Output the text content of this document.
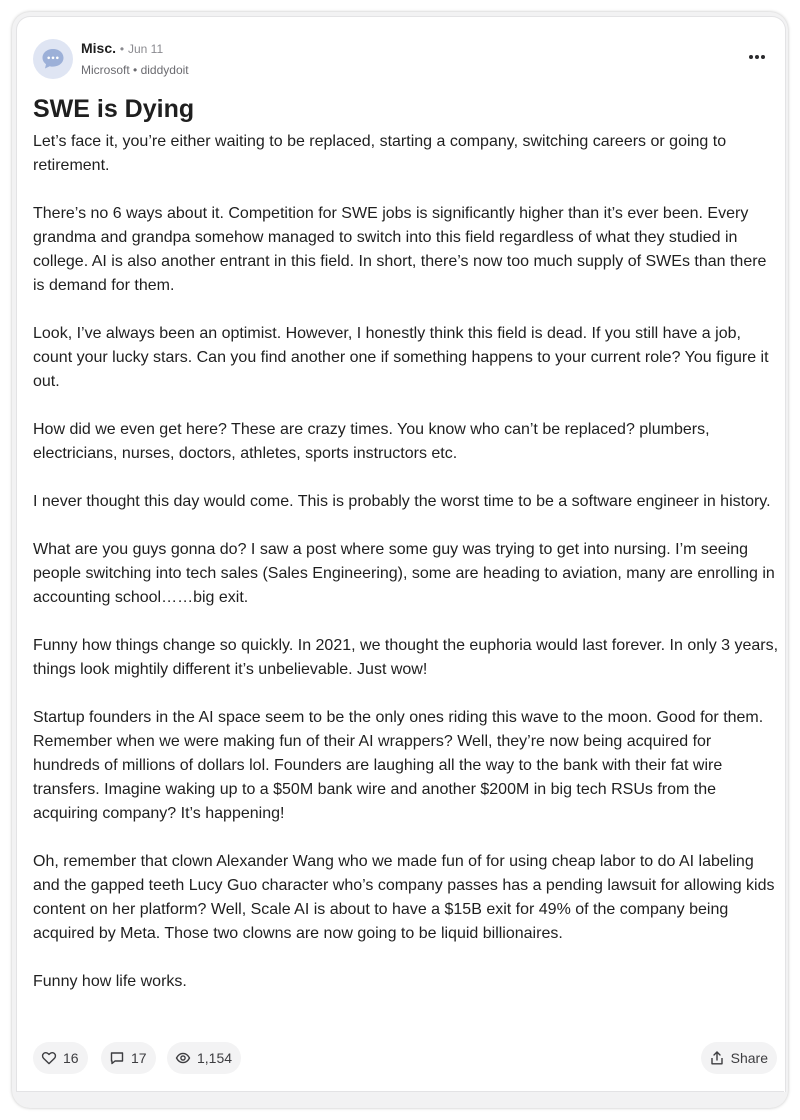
Misc. • Jun 11
Microsoft • diddydoit
SWE is Dying

Let’s face it, you’re either waiting to be replaced, starting a company, switching careers or going to retirement.

There’s no 6 ways about it. Competition for SWE jobs is significantly higher than it’s ever been. Every grandma and grandpa somehow managed to switch into this field regardless of what they studied in college. AI is also another entrant in this field. In short, there’s now too much supply of SWEs than there is demand for them.

Look, I’ve always been an optimist. However, I honestly think this field is dead. If you still have a job, count your lucky stars. Can you find another one if something happens to your current role? You figure it out.

How did we even get here? These are crazy times. You know who can’t be replaced? plumbers, electricians, nurses, doctors, athletes, sports instructors etc.

I never thought this day would come. This is probably the worst time to be a software engineer in history.

What are you guys gonna do? I saw a post where some guy was trying to get into nursing. I’m seeing people switching into tech sales (Sales Engineering), some are heading to aviation, many are enrolling in accounting school……big exit.

Funny how things change so quickly. In 2021, we thought the euphoria would last forever. In only 3 years, things look mightily different it’s unbelievable. Just wow!

Startup founders in the AI space seem to be the only ones riding this wave to the moon. Good for them. Remember when we were making fun of their AI wrappers? Well, they’re now being acquired for hundreds of millions of dollars lol. Founders are laughing all the way to the bank with their fat wire transfers. Imagine waking up to a $50M bank wire and another $200M in big tech RSUs from the acquiring company? It’s happening!

Oh, remember that clown Alexander Wang who we made fun of for using cheap labor to do AI labeling and the gapped teeth Lucy Guo character who’s company passes has a pending lawsuit for allowing kids content on her platform? Well, Scale AI is about to have a $15B exit for 49% of the company being acquired by Meta. Those two clowns are now going to be liquid billionaires.

Funny how life works.

16	17	1,154	Share
